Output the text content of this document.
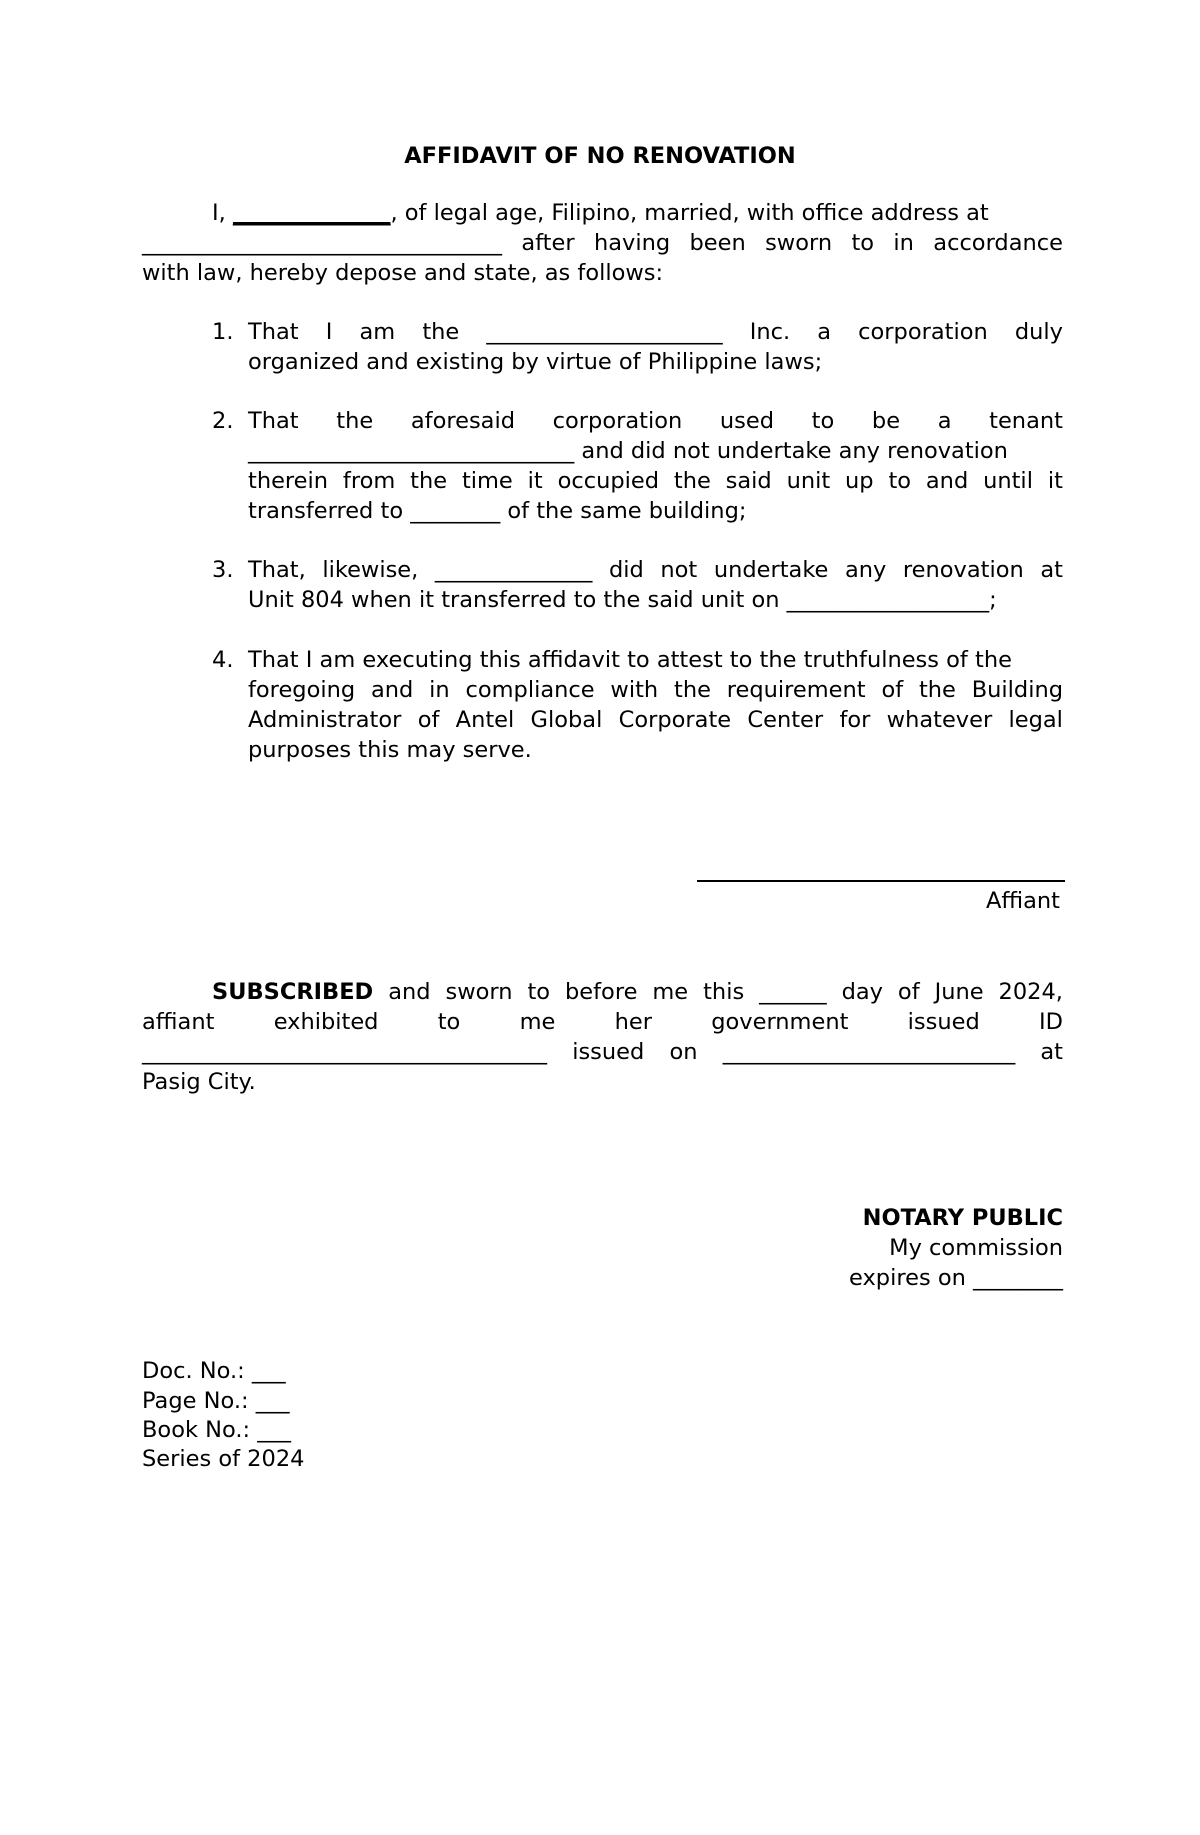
AFFIDAVIT OF NO RENOVATION
I, ______________, of legal age, Filipino, married, with office address at
________________________________ after having been sworn to in accordance
with law, hereby depose and state, as follows:
1. That I am the _____________________ Inc. a corporation duly
organized and existing by virtue of Philippine laws;
2. That the aforesaid corporation used to be a tenant
_____________________________ and did not undertake any renovation
therein from the time it occupied the said unit up to and until it
transferred to ________ of the same building;
3. That, likewise, ______________ did not undertake any renovation at
Unit 804 when it transferred to the said unit on __________________;
4. That I am executing this affidavit to attest to the truthfulness of the
foregoing and in compliance with the requirement of the Building
Administrator of Antel Global Corporate Center for whatever legal
purposes this may serve.
Affiant
SUBSCRIBED and sworn to before me this ______ day of June 2024,
affiant	exhibited	to	me	her	government	issued	ID
____________________________________ issued on __________________________ at
Pasig City.
NOTARY PUBLIC
My commission
expires on ________
Doc. No.: ___
Page No.: ___
Book No.: ___
Series of 2024
